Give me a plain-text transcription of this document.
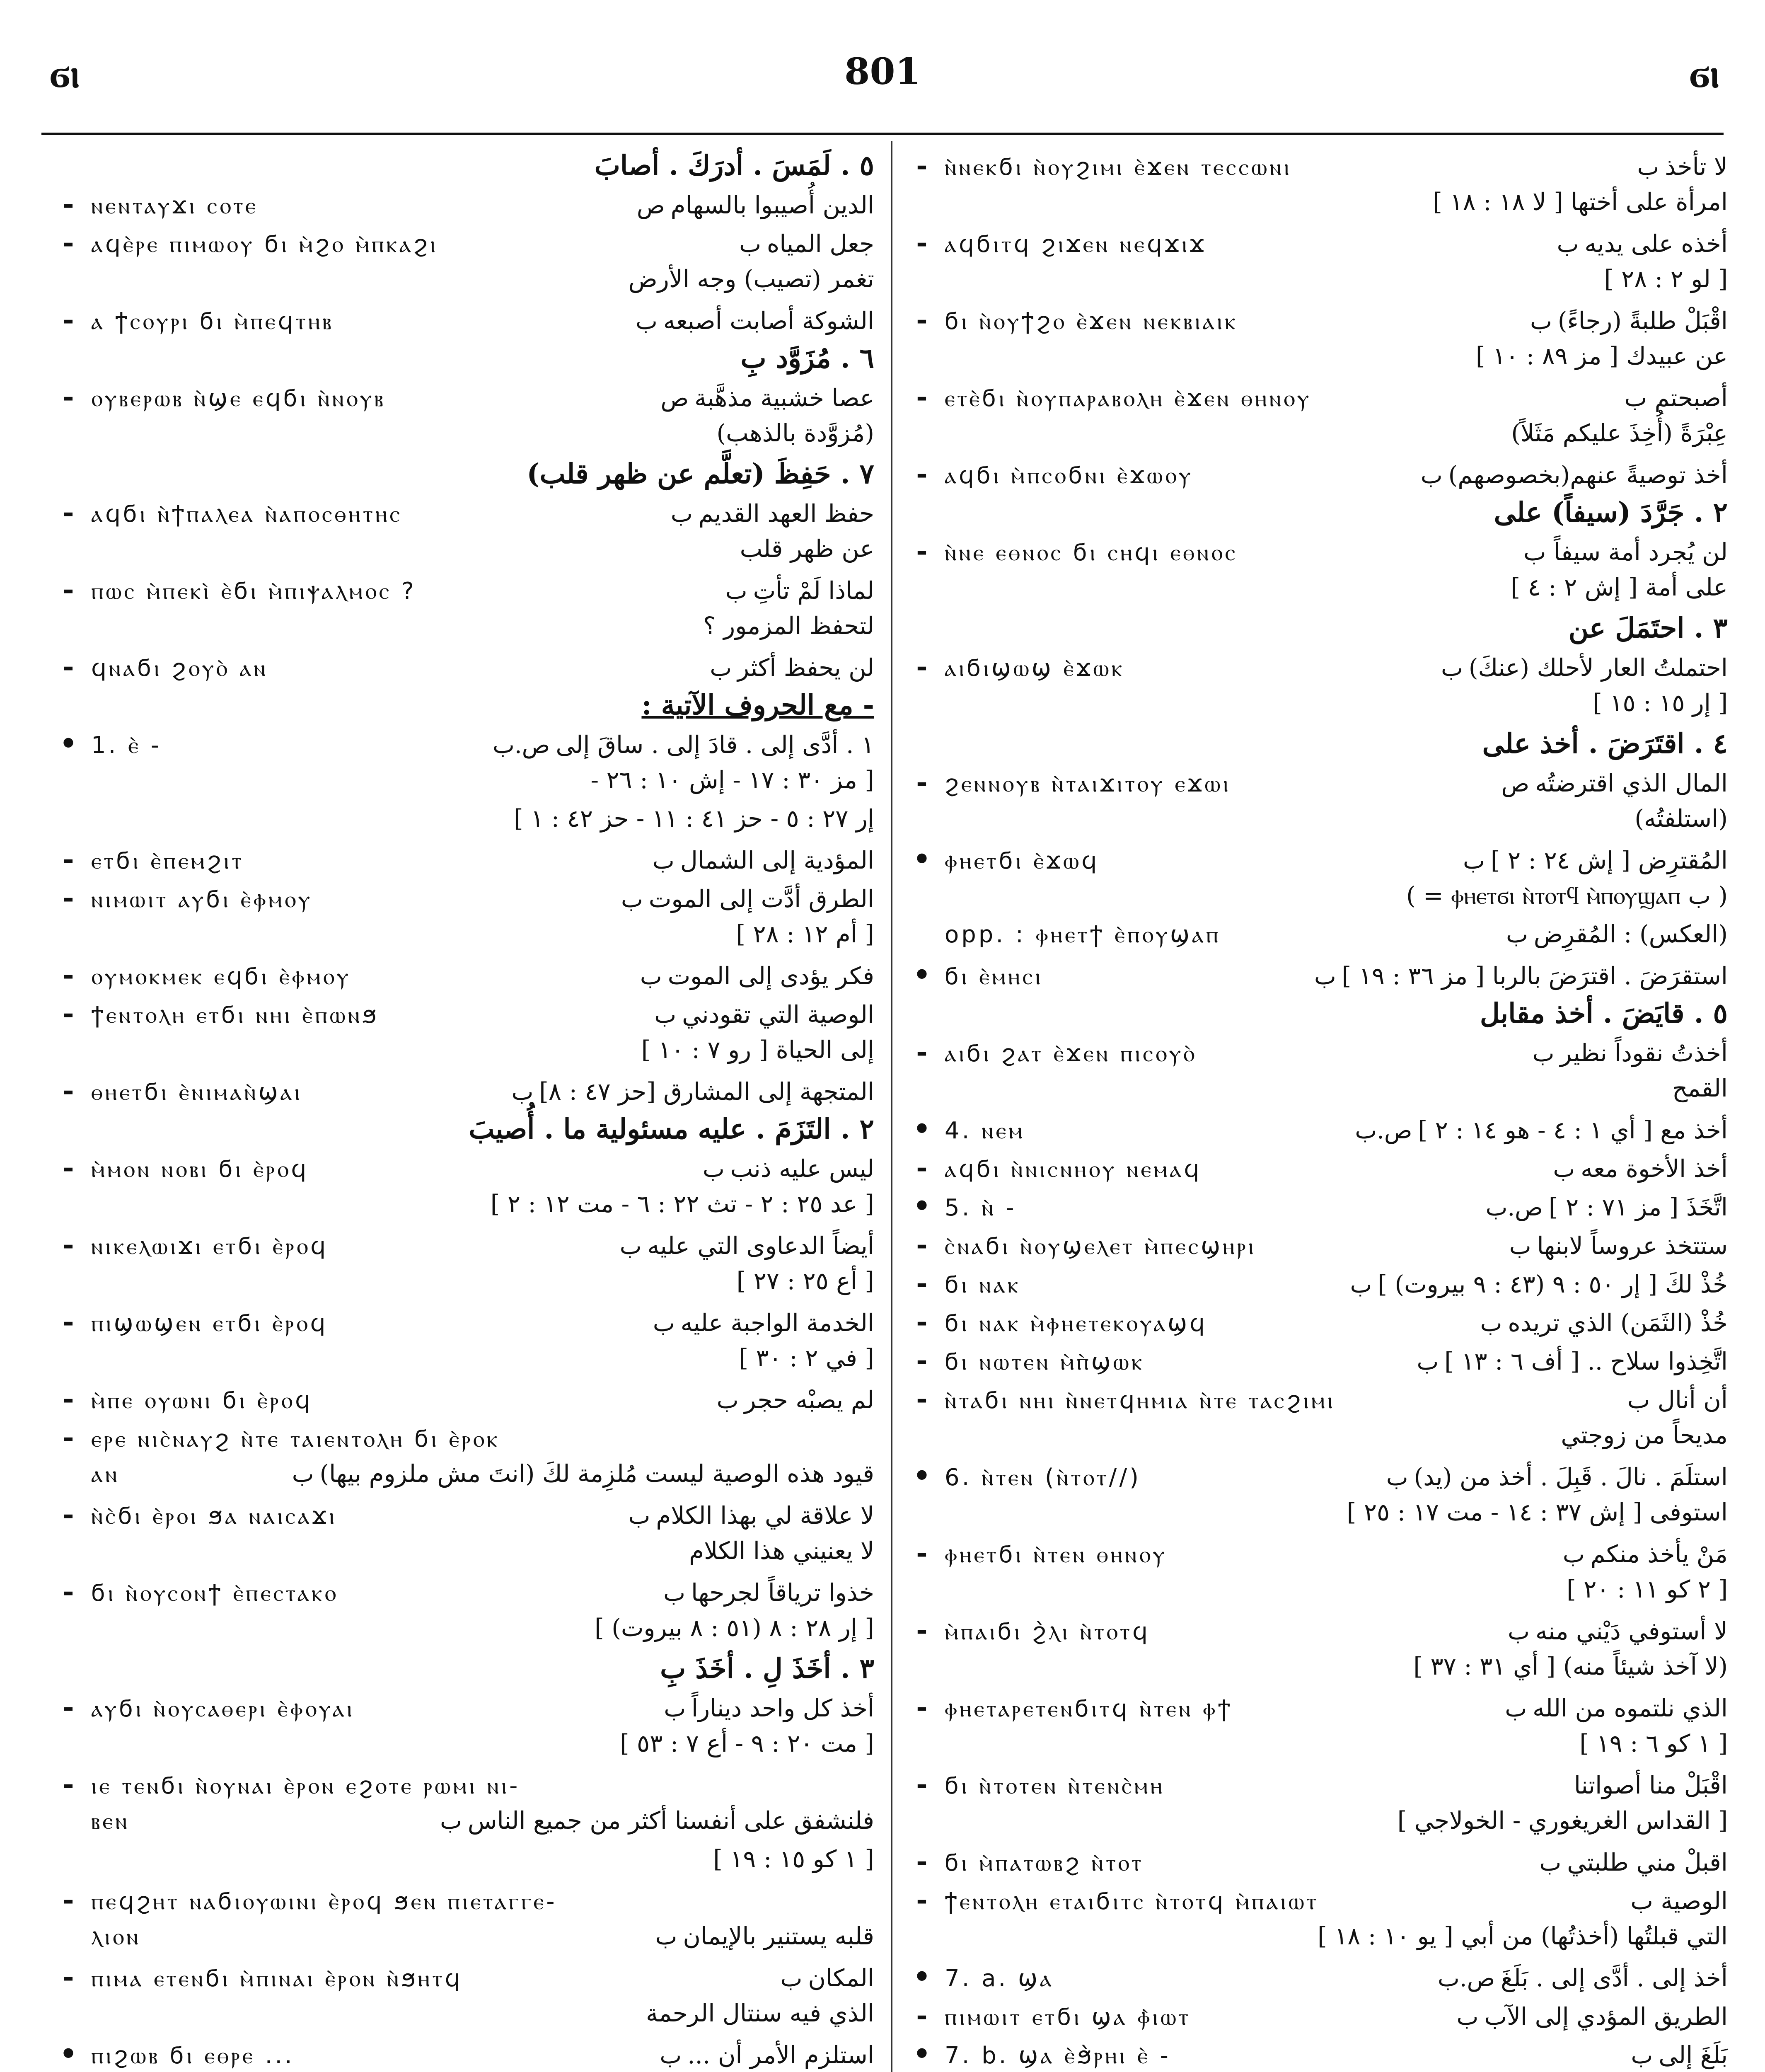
ϭⲓ	801	ϭⲓ
٥ . لَمَسَ . أدرَكَ . أصابَ
- ⲛⲉⲛⲧⲁⲩϫⲓ ⲥⲟⲧⲉ	ص الدين أُصيبوا بالسهام
- ⲁϥⲉ̀ⲣⲉ ⲡⲓⲙⲱⲟⲩ ϭⲓ ⲙ̀ϩⲟ ⲙ̀ⲡⲕⲁϩⲓ	ب جعل المياه
تغمر (تصيب) وجه الأرض
- ⲁ ϯⲥⲟⲩⲣⲓ ϭⲓ ⲙ̀ⲡⲉϥⲧⲏⲃ	ب الشوكة أصابت أصبعه
٦ . مُزَوَّد بِ
- ⲟⲩⲃⲉⲣⲱⲃ ⲛ̀ϣⲉ ⲉϥϭⲓ ⲛ̀ⲛⲟⲩⲃ	ص عصا خشبية مذهَّبة
(مُزوَّدة بالذهب)
٧ . حَفِظَ (تعلَّم عن ظهر قلب)
- ⲁϥϭⲓ ⲛ̀ϯⲡⲁⲗⲉⲁ ⲛ̀ⲁⲡⲟⲥⲑⲏⲧⲏⲥ	ب حفظ العهد القديم
عن ظهر قلب
- ⲡⲱⲥ ⲙ̀ⲡⲉⲕⲓ̀ ⲉ̀ϭⲓ ⲙ̀ⲡⲓⲯⲁⲗⲙⲟⲥ ?	ب لماذا لَمْ تأتِ
لتحفظ المزمور ؟
- ϥⲛⲁϭⲓ ϩⲟⲩⲟ̀ ⲁⲛ	ب لن يحفظ أكثر
- مع الحروف الآتية :
• 1. ⲉ̀ -	ص.ب ١ . أدَّى إلى . قادَ إلى . ساقَ إلى
[ مز ٣٠ : ١٧ - إش ١٠ : ٢٦ -
إر ٢٧ : ٥ - حز ٤١ : ١١ - حز ٤٢ : ١ ]
- ⲉⲧϭⲓ ⲉ̀ⲡⲉⲙϩⲓⲧ	ب المؤدية إلى الشمال
- ⲛⲓⲙⲱⲓⲧ ⲁⲩϭⲓ ⲉ̀ⲫⲙⲟⲩ	ب الطرق أدَّت إلى الموت
[ أم ١٢ : ٢٨ ]
- ⲟⲩⲙⲟⲕⲙⲉⲕ ⲉϥϭⲓ ⲉ̀ⲫⲙⲟⲩ	ب فكر يؤدى إلى الموت
- ϯⲉⲛⲧⲟⲗⲏ ⲉⲧϭⲓ ⲛⲏⲓ ⲉ̀ⲡⲱⲛϧ	ب الوصية التي تقودني
إلى الحياة [ رو ٧ : ١٠ ]
- ⲑⲏⲉⲧϭⲓ ⲉ̀ⲛⲓⲙⲁⲛ̀ϣⲁⲓ	ب المتجهة إلى المشارق [حز ٤٧ : ٨]
٢ . التَزَمَ . عليه مسئولية ما . أُصيبَ
- ⲙ̀ⲙⲟⲛ ⲛⲟⲃⲓ ϭⲓ ⲉ̀ⲣⲟϥ	ب ليس عليه ذنب
[ عد ٢٥ : ٢ - تث ٢٢ : ٦ - مت ١٢ : ٢ ]
- ⲛⲓⲕⲉⲗⲱⲓϫⲓ ⲉⲧϭⲓ ⲉ̀ⲣⲟϥ	ب أيضاً الدعاوى التي عليه
[ أع ٢٥ : ٢٧ ]
- ⲡⲓϣⲱϣⲉⲛ ⲉⲧϭⲓ ⲉ̀ⲣⲟϥ	ب الخدمة الواجبة عليه
[ في ٢ : ٣٠ ]
- ⲙ̀ⲡⲉ ⲟⲩⲱⲛⲓ ϭⲓ ⲉ̀ⲣⲟϥ	ب لم يصبْه حجر
- ⲉⲣⲉ ⲛⲓⲥ̀ⲛⲁⲩϩ ⲛ̀ⲧⲉ ⲧⲁⲓⲉⲛⲧⲟⲗⲏ ϭⲓ ⲉ̀ⲣⲟⲕ
ⲁⲛ	ب قيود هذه الوصية ليست مُلزِمة لكَ (انتَ مش ملزوم بيها)
- ⲛ̀ⲥ̀ϭⲓ ⲉ̀ⲣⲟⲓ ϧⲁ ⲛⲁⲓⲥⲁϫⲓ	ب لا علاقة لي بهذا الكلام
لا يعنيني هذا الكلام
- ϭⲓ ⲛ̀ⲟⲩⲥⲟⲛϯ ⲉ̀ⲡⲉⲥⲧⲁⲕⲟ	ب خذوا ترياقاً لجرحها
[ إر ٢٨ : ٨ (٥١ : ٨ بيروت) ]
٣ . أخَذَ لِ . أخَذَ بِ
- ⲁⲩϭⲓ ⲛ̀ⲟⲩⲥⲁⲑⲉⲣⲓ ⲉ̀ⲫⲟⲩⲁⲓ	ب أخذ كل واحد ديناراً
[ مت ٢٠ : ٩ - أع ٧ : ٥٣ ]
- ⲓⲉ ⲧⲉⲛϭⲓ ⲛ̀ⲟⲩⲛⲁⲓ ⲉ̀ⲣⲟⲛ ⲉϩⲟⲧⲉ ⲣⲱⲙⲓ ⲛⲓ-
ⲃⲉⲛ	ب فلنشفق على أنفسنا أكثر من جميع الناس
[ ١ كو ١٥ : ١٩ ]
- ⲡⲉϥϩⲏⲧ ⲛⲁϭⲓⲟⲩⲱⲓⲛⲓ ⲉ̀ⲣⲟϥ ϧⲉⲛ ⲡⲓⲉⲧⲁⲅⲅⲉ-
ⲗⲓⲟⲛ	ب قلبه يستنير بالإيمان
- ⲡⲓⲙⲁ ⲉⲧⲉⲛϭⲓ ⲙ̀ⲡⲓⲛⲁⲓ ⲉ̀ⲣⲟⲛ ⲛ̀ϧⲏⲧϥ	ب المكان
الذي فيه سنتال الرحمة
• ⲡⲓϩⲱⲃ ϭⲓ ⲉⲑⲣⲉ ...	ب استلزم الأمر أن ...
- ⲛ̀ⲛⲉⲕϭⲓ ⲛ̀ⲟⲩϩⲓⲙⲓ ⲉ̀ϫⲉⲛ ⲧⲉⲥⲥⲱⲛⲓ	ب لا تأخذ
امرأة على أختها [ لا ١٨ : ١٨ ]
- ⲁϥϭⲓⲧϥ ϩⲓϫⲉⲛ ⲛⲉϥϫⲓϫ	ب أخذه على يديه
[ لو ٢ : ٢٨ ]
- ϭⲓ ⲛ̀ⲟⲩϯϩⲟ ⲉ̀ϫⲉⲛ ⲛⲉⲕⲃⲓⲁⲓⲕ	ب اقْبَلْ طلبةً (رجاءً)
عن عبيدك [ مز ٨٩ : ١٠ ]
- ⲉⲧⲉ̀ϭⲓ ⲛ̀ⲟⲩⲡⲁⲣⲁⲃⲟⲗⲏ ⲉ̀ϫⲉⲛ ⲑⲏⲛⲟⲩ	أصبحتم ب
عِبْرَةً (أُخِذَ عليكم مَثَلاً)
- ⲁϥϭⲓ ⲙ̀ⲡⲥⲟϭⲛⲓ ⲉ̀ϫⲱⲟⲩ	ب أخذ توصيةً عنهم(بخصوصهم)
٢ . جَرَّدَ (سيفاً) على
- ⲛ̀ⲛⲉ ⲉⲑⲛⲟⲥ ϭⲓ ⲥⲏϥⲓ ⲉⲑⲛⲟⲥ	لن يُجرد أمة سيفاً ب
على أمة [ إش ٢ : ٤ ]
٣ . احتَمَلَ عن
- ⲁⲓϭⲓϣⲱϣ ⲉ̀ϫⲱⲕ	ب احتملتُ العار لأحلك (عنكَ)
[ إر ١٥ : ١٥ ]
٤ . اقتَرَضَ . أخذ على
- ϩⲉⲛⲛⲟⲩⲃ ⲛ̀ⲧⲁⲓϫⲓⲧⲟⲩ ⲉϫⲱⲓ	ص المال الذي اقترضتُه
(استلفتُه)
• ⲫⲏⲉⲧϭⲓ ⲉ̀ϫⲱϥ	ب المُقترِض [ إش ٢٤ : ٢ ]
( ب ⲫⲏⲉⲧϭⲓ ⲛ̀ⲧⲟⲧϥ ⲙ̀ⲡⲟⲩϣⲁⲡ = )
opp. : ⲫⲏⲉⲧϯ ⲉ̀ⲡⲟⲩϣⲁⲡ	ب (العكس) : المُقرِض
• ϭⲓ ⲉ̀ⲙⲏⲥⲓ	ب استقرَضَ . اقترَضَ بالربا [ مز ٣٦ : ١٩ ]
٥ . قايَضَ . أخذ مقابل
- ⲁⲓϭⲓ ϩⲁⲧ ⲉ̀ϫⲉⲛ ⲡⲓⲥⲟⲩⲟ̀	ب أخذتُ نقوداً نظير
القمح
• 4. ⲛⲉⲙ	ص.ب أخذ مع [ أي ١ : ٤ - هو ١٤ : ٢ ]
- ⲁϥϭⲓ ⲛ̀ⲛⲓⲥⲛⲏⲟⲩ ⲛⲉⲙⲁϥ	ب أخذ الأخوة معه
• 5. ⲛ̀ -	ص.ب اتَّخَذَ [ مز ٧١ : ٢ ]
- ⲥ̀ⲛⲁϭⲓ ⲛ̀ⲟⲩϣⲉⲗⲉⲧ ⲙ̀ⲡⲉⲥϣⲏⲣⲓ	ب ستتخذ عروساً لابنها
- ϭⲓ ⲛⲁⲕ	ب خُذْ لكَ [ إر ٥٠ : ٩ (٤٣ : ٩ بيروت) ]
- ϭⲓ ⲛⲁⲕ ⲙ̀ⲫⲏⲉⲧⲉⲕⲟⲩⲁϣϥ	ب خُذْ (الثَمَن) الذي تريده
- ϭⲓ ⲛⲱⲧⲉⲛ ⲙ̀ⲡ̀ϣⲱⲕ	ب اتَّخِذوا سلاح .. [ أف ٦ : ١٣ ]
- ⲛ̀ⲧⲁϭⲓ ⲛⲏⲓ ⲛ̀ⲛⲉⲧϥⲏⲙⲓⲁ ⲛ̀ⲧⲉ ⲧⲁⲥϩⲓⲙⲓ	أن أنال ب
مديحاً من زوجتي
• 6. ⲛ̀ⲧⲉⲛ (ⲛ̀ⲧⲟⲧ//)	ب استلَمَ . نالَ . قَبِلَ . أخذ من (يد)
استوفى [ إش ٣٧ : ١٤ - مت ١٧ : ٢٥ ]
- ⲫⲏⲉⲧϭⲓ ⲛ̀ⲧⲉⲛ ⲑⲏⲛⲟⲩ	ب مَنْ يأخذ منكم
[ ٢ كو ١١ : ٢٠ ]
- ⲙ̀ⲡⲁⲓϭⲓ ϩ̀ⲗⲓ ⲛ̀ⲧⲟⲧϥ	ب لا أستوفي دَيْني منه
(لا آخذ شيئاً منه) [ أي ٣١ : ٣٧ ]
- ⲫⲏⲉⲧⲁⲣⲉⲧⲉⲛϭⲓⲧϥ ⲛ̀ⲧⲉⲛ ⲫϯ	ب الذي نلتموه من الله
[ ١ كو ٦ : ١٩ ]
- ϭⲓ ⲛ̀ⲧⲟⲧⲉⲛ ⲛ̀ⲧⲉⲛⲥ̀ⲙⲏ	اقْبَلْ منا أصواتنا
[ القداس الغريغوري - الخولاجي ]
- ϭⲓ ⲙ̀ⲡⲁⲧⲱⲃϩ ⲛ̀ⲧⲟⲧ	ب اقبلْ مني طلبتي
- ϯⲉⲛⲧⲟⲗⲏ ⲉⲧⲁⲓϭⲓⲧⲥ ⲛ̀ⲧⲟⲧϥ ⲙ̀ⲡⲁⲓⲱⲧ	الوصية ب
التي قبلتُها (أخذتُها) من أبي [ يو ١٠ : ١٨ ]
• 7. a. ϣⲁ	ص.ب أخذ إلى . أدَّى إلى . بَلَغَ
- ⲡⲓⲙⲱⲓⲧ ⲉⲧϭⲓ ϣⲁ ⲫ̀ⲓⲱⲧ	ب الطريق المؤدي إلى الآب
• 7. b. ϣⲁ ⲉ̀ϧ̀ⲣⲏⲓ ⲉ̀ -	ب بَلَغَ إلى
